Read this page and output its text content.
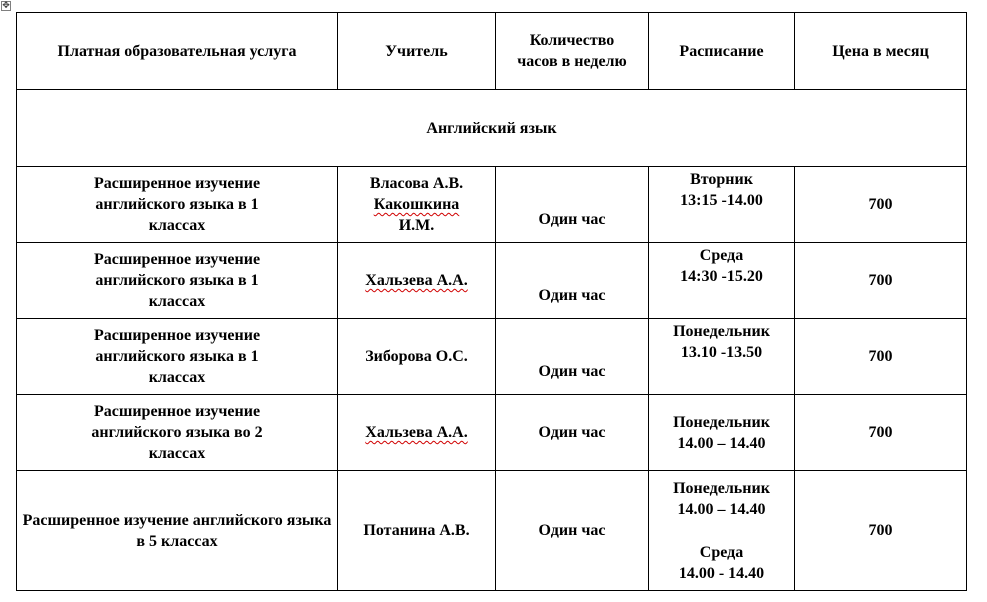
✥
Платная образовательная услуга	Учитель	Количество часов в неделю	Расписание	Цена в месяц
Английский язык				
Расширенное изучение английского языка в 1 классах	Власова А.В.
Какошкина
И.М.	Один час	Вторник
13:15 -14.00	700
Расширенное изучение английского языка в 1 классах	Хальзева А.А.	Один час	Среда
14:30 -15.20	700
Расширенное изучение английского языка в 1 классах	Зиборова О.С.	Один час	Понедельник
13.10 -13.50	700
Расширенное изучение английского языка во 2 классах	Хальзева А.А.	Один час	Понедельник
14.00 – 14.40	700
Расширенное изучение английского языка в 5 классах	Потанина А.В.	Один час	Понедельник
14.00 – 14.40
Среда
14.00 - 14.40	700
